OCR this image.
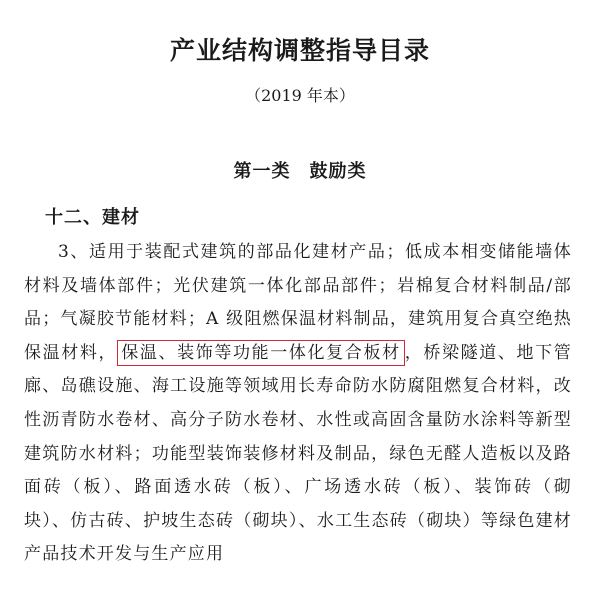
产业结构调整指导目录
（2019 年本）
第一类　鼓励类
十二、建材

3、适用于装配式建筑的部品化建材产品；低成本相变储能墙体材料及墙体部件；光伏建筑一体化部品部件；岩棉复合材料制品/部品；气凝胶节能材料；A 级阻燃保温材料制品，建筑用复合真空绝热保温材料， 保温、装饰等功能一体化复合板材 ，桥梁隧道、地下管廊、岛礁设施、海工设施等领域用长寿命防水防腐阻燃复合材料，改性沥青防水卷材、高分子防水卷材、水性或高固含量防水涂料等新型建筑防水材料；功能型装饰装修材料及制品，绿色无醛人造板以及路面砖（板）、路面透水砖（板）、广场透水砖（板）、装饰砖（砌块）、仿古砖、护坡生态砖（砌块）、水工生态砖（砌块）等绿色建材产品技术开发与生产应用
